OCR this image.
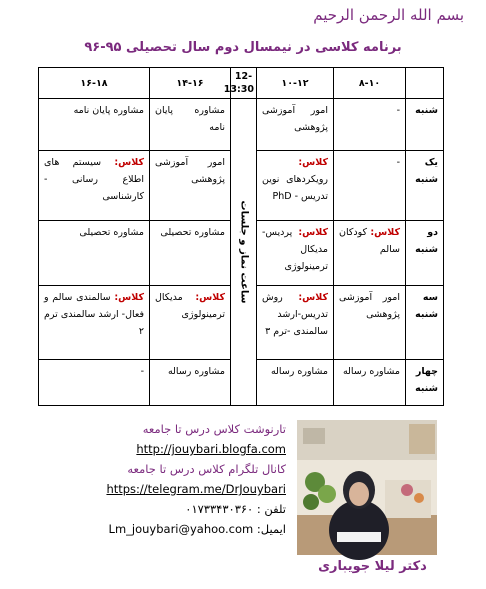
بسم الله الرحمن الرحیم
برنامه کلاسی در نیمسال دوم سال تحصیلی ۹۵-۹۶
	۸-۱۰	۱۰-۱۲	12-13:30	۱۴-۱۶	۱۶-۱۸
شنبه	-	امور آموزشی پژوهشی	ساعت نماز و جلسات	مشاوره پایان نامه	مشاوره پایان نامه
یک شنبه	-	کلاس: رویکردهای نوین تدریس - PhD		امور آموزشی پژوهشی	کلاس: سیستم های اطلاع رسانی - کارشناسی
دو شنبه	کلاس: کودکان سالم	کلاس: پردیس- مدیکال ترمینولوژی		مشاوره تحصیلی	مشاوره تحصیلی
سه شنبه	امور آموزشی پژوهشی	کلاس: روش تدریس-ارشد سالمندی -ترم ۳		کلاس: مدیکال ترمینولوژی	کلاس: سالمندی سالم و فعال- ارشد سالمندی ترم ۲
چهار شنبه	مشاوره رساله	مشاوره رساله		مشاوره رساله	-
تارنوشت کلاس درس تا جامعه
http://jouybari.blogfa.com
کانال تلگرام کلاس درس تا جامعه
https://telegram.me/DrJouybari
تلفن : ۰۱۷۳۳۴۳۰۳۶۰
ایمیل: Lm_jouybari@yahoo.com
دکتر لیلا جویباری
